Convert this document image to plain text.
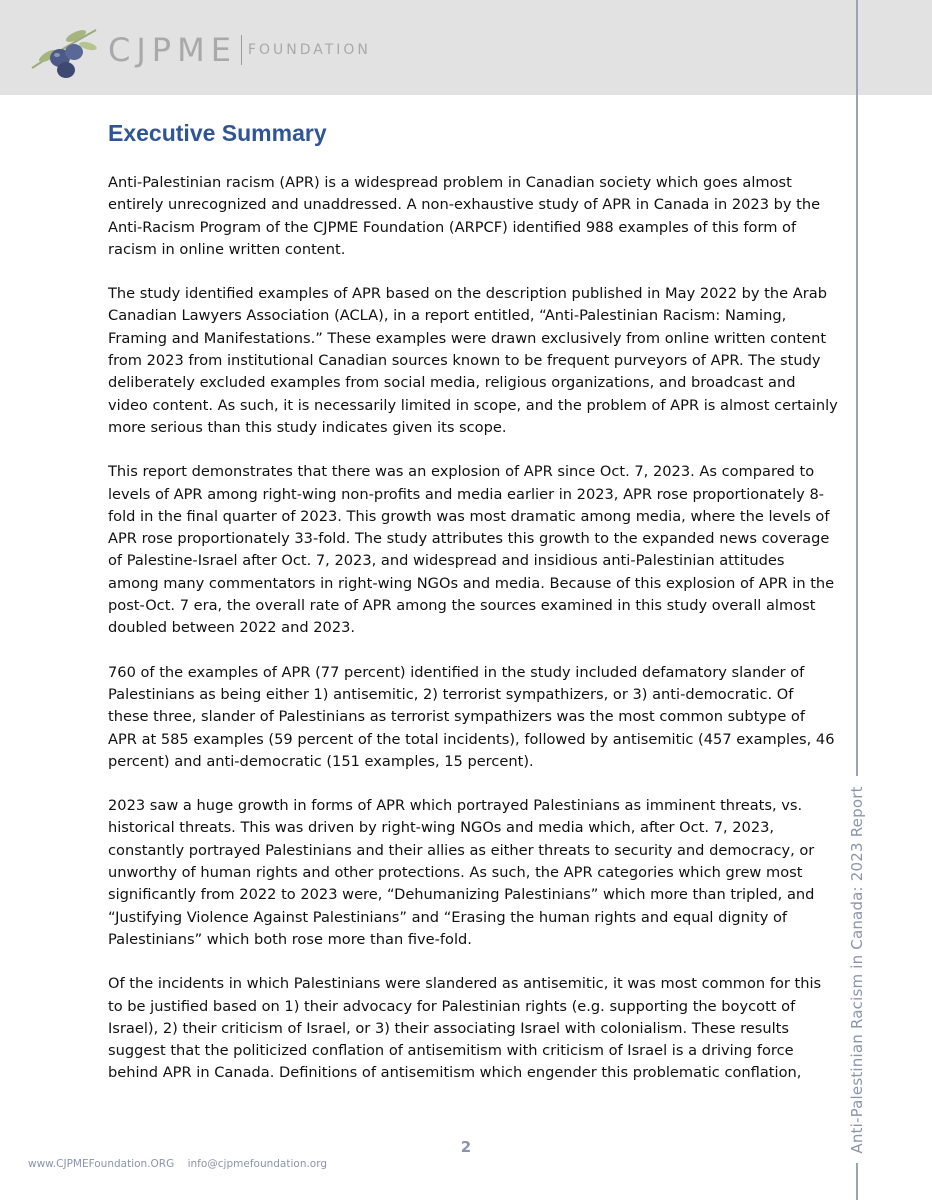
CJPME FOUNDATION
Anti-Palestinian Racism in Canada: 2023 Report
Executive Summary

Anti-Palestinian racism (APR) is a widespread problem in Canadian society which goes almost entirely unrecognized and unaddressed. A non-exhaustive study of APR in Canada in 2023 by the Anti-Racism Program of the CJPME Foundation (ARPCF) identified 988 examples of this form of racism in online written content.

The study identified examples of APR based on the description published in May 2022 by the Arab Canadian Lawyers Association (ACLA), in a report entitled, “Anti-Palestinian Racism: Naming, Framing and Manifestations.” These examples were drawn exclusively from online written content from 2023 from institutional Canadian sources known to be frequent purveyors of APR. The study deliberately excluded examples from social media, religious organizations, and broadcast and video content. As such, it is necessarily limited in scope, and the problem of APR is almost certainly more serious than this study indicates given its scope.

This report demonstrates that there was an explosion of APR since Oct. 7, 2023. As compared to levels of APR among right-wing non-profits and media earlier in 2023, APR rose proportionately 8-fold in the final quarter of 2023. This growth was most dramatic among media, where the levels of APR rose proportionately 33-fold. The study attributes this growth to the expanded news coverage of Palestine-Israel after Oct. 7, 2023, and widespread and insidious anti-Palestinian attitudes among many commentators in right-wing NGOs and media. Because of this explosion of APR in the post-Oct. 7 era, the overall rate of APR among the sources examined in this study overall almost doubled between 2022 and 2023.

760 of the examples of APR (77 percent) identified in the study included defamatory slander of Palestinians as being either 1) antisemitic, 2) terrorist sympathizers, or 3) anti-democratic. Of these three, slander of Palestinians as terrorist sympathizers was the most common subtype of APR at 585 examples (59 percent of the total incidents), followed by antisemitic (457 examples, 46 percent) and anti-democratic (151 examples, 15 percent).

2023 saw a huge growth in forms of APR which portrayed Palestinians as imminent threats, vs. historical threats. This was driven by right-wing NGOs and media which, after Oct. 7, 2023, constantly portrayed Palestinians and their allies as either threats to security and democracy, or unworthy of human rights and other protections. As such, the APR categories which grew most significantly from 2022 to 2023 were, “Dehumanizing Palestinians” which more than tripled, and “Justifying Violence Against Palestinians” and “Erasing the human rights and equal dignity of Palestinians” which both rose more than five-fold.

Of the incidents in which Palestinians were slandered as antisemitic, it was most common for this to be justified based on 1) their advocacy for Palestinian rights (e.g. supporting the boycott of Israel), 2) their criticism of Israel, or 3) their associating Israel with colonialism. These results suggest that the politicized conflation of antisemitism with criticism of Israel is a driving force behind APR in Canada. Definitions of antisemitism which engender this problematic conflation,

2
www.CJPMEFoundation.ORG info@cjpmefoundation.org
